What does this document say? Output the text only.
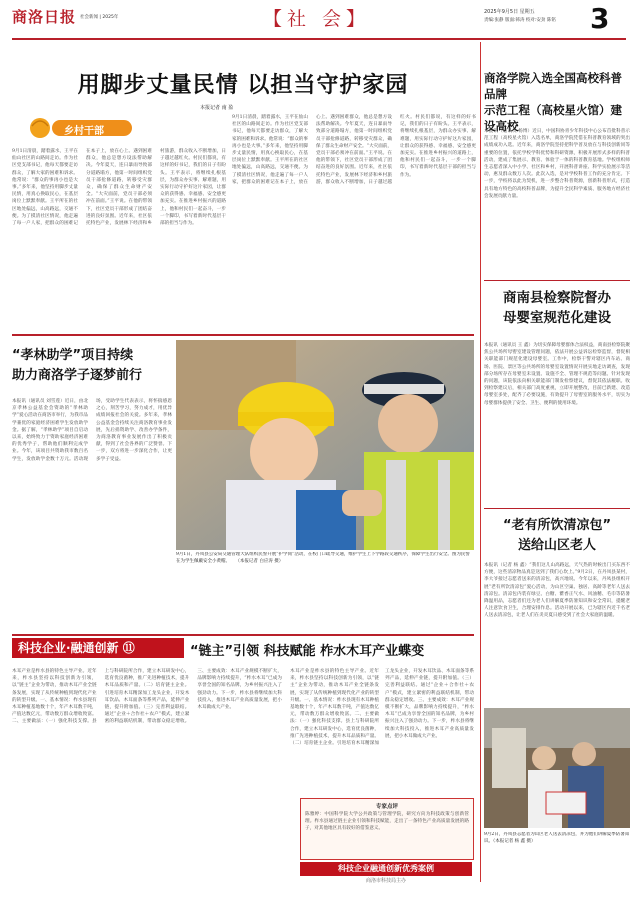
商洛日报 社会新闻 | 2025年	【社 会】	2025年9月5日 星期五
责编:张静 版面:韩涛 校对:安劲 陈铭 3
用脚步丈量民情 以担当守护家园
本报记者 南 盈
乡村干部
9月1日清晨，踏着露水，王平在仙山社区的山路间走访。作为社区党支部书记，他每天都要走访群众，了解大家的困难和诉求。他常说：“群众的事再小也是大事。”多年来，他坚持用脚步丈量民情，用真心换取民心，在基层岗位上默默奉献。王平所在的社区地处偏远，山高路远，交通不便。为了摸清社区情况，他走遍了每一户人家，把群众的困难记在本子上，放在心上。遇到困难群众，他总是想方设法帮助解决。今年夏天，连日暴雨导致部分道路塌方，他第一时间组织党员干部抢修道路，转移受灾群众，确保了群众生命财产安全。“大灾面前，党员干部必须冲在前面。”王平说。在他的带领下，社区党员干部形成了团结奋进的良好氛围。近年来，社区依托特色产业，发展林下经济和乡村旅游，群众收入不断增加，日子越过越红火。村民们都说，有这样的好书记，我们的日子有盼头。王平表示，将继续扎根基层，为群众办实事、解难题，用实际行动守护好这片家园，让群众的获得感、幸福感、安全感更加充实。在推进乡村振兴的道路上，他和村民们一起奋斗，一步一个脚印，书写着新时代基层干部的担当与作为。
9月1日清晨，踏着露水，王平在仙山社区的山路间走访。作为社区党支部书记，他每天都要走访群众，了解大家的困难和诉求。他常说：“群众的事再小也是大事。”多年来，他坚持用脚步丈量民情，用真心换取民心，在基层岗位上默默奉献。王平所在的社区地处偏远，山高路远，交通不便。为了摸清社区情况，他走遍了每一户人家，把群众的困难记在本子上，放在心上。遇到困难群众，他总是想方设法帮助解决。今年夏天，连日暴雨导致部分道路塌方，他第一时间组织党员干部抢修道路，转移受灾群众，确保了群众生命财产安全。“大灾面前，党员干部必须冲在前面。”王平说。在他的带领下，社区党员干部形成了团结奋进的良好氛围。近年来，社区依托特色产业，发展林下经济和乡村旅游，群众收入不断增加，日子越过越红火。村民们都说，有这样的好书记，我们的日子有盼头。王平表示，将继续扎根基层，为群众办实事、解难题，用实际行动守护好这片家园，让群众的获得感、幸福感、安全感更加充实。在推进乡村振兴的道路上，他和村民们一起奋斗，一步一个脚印，书写着新时代基层干部的担当与作为。
商洛学院入选全国高校科普品牌
示范工程（高校星火馆）建设高校
本报讯（通讯员 杨博）近日，中国科协青少年科技中心公布首批科普示范工程（高校星火馆）入选名单，商洛学院凭借在科普教育领域的突出成绩成功入选。近年来，商洛学院坚持把科学普及放在与科技创新同等重要的位置，依托学校学科优势和科研资源，积极开展形式多样的科普活动，建成了集展示、教育、体验于一体的科普教育基地。学校组织师生志愿者深入中小学、社区和乡村，开展科普讲座、科学实验展示等活动，惠及群众数万人次。此次入选，是对学校科普工作的充分肯定。下一步，学校将以此为契机，进一步整合科普资源，创新科普形式，打造具有地方特色的高校科普品牌，为提升全民科学素质、服务地方经济社会发展贡献力量。
商南县检察院督办
母婴室规范化建设
本报讯（通讯员 王 鑫）为切实保障母婴群体合法权益，商南县检察院聚焦公共场所母婴室建设管理问题，依法开展公益诉讼检察监督，督促相关职能部门规范化建设母婴室。工作中，检察干警对辖区内车站、商场、医院、景区等公共场所的母婴室设置情况开展实地走访调查，发现部分场所存在母婴室未设置、设施不全、管理不规范等问题。针对发现的问题，该院依法向相关职能部门制发检察建议，督促其依法履职。收到检察建议后，相关部门高度重视，立即开展整改，目前已新建、改造母婴室多处，配齐了必要设施，有效提升了母婴室的服务水平，切实为母婴群体提供了安全、卫生、便利的使用环境。
“老有所饮清凉包”
送给山区老人
本报讯（记者 杨 鑫）“我们这儿山高路远，天气热的时候出门买东西不方便，这些清凉物品真是送到了我们心坎上。”9月2日，在丹凤县某村，李大爷接过志愿者送来的清凉包，高兴地说。今年以来，丹凤县组织开展“老有所饮清凉包”爱心活动，为山区空巢、独居、高龄等老年人送去清凉包。清凉包内装有绿豆、白糖、藿香正气水、风油精、毛巾等防暑降温用品，志愿者们还为老人们讲解夏季防暑知识和安全常识，提醒老人注意饮食卫生，合理安排作息。活动开展以来，已为辖区内近千名老人送去清凉包，让老人们在炎炎夏日感受到了社会大家庭的温暖。
9月2日，丹凤县志愿者为山区老人送去清凉包，并为他们讲解夏季防暑知识。（本报记者 杨 鑫 摄）
“孝林助学”项目持续
助力商洛学子逐梦前行
本报讯（通讯员 刘雪莲）近日，由北京孝林公益基金会资助的“孝林助学”爱心活动在商洛市举行，为我市品学兼优的家庭经济困难学生发放助学金。据了解，“孝林助学”项目自启动以来，始终致力于资助家庭经济困难的优秀学子，帮助他们顺利完成学业。今年，该项目共资助我市数百名学生，发放助学金数十万元。活动现场，受助学生代表表示，将怀揣感恩之心，刻苦学习，努力成才，用优异成绩回报社会的关爱。多年来，孝林公益基金会持续关注商洛教育事业发展，先后捐资助学、改善办学条件，为商洛教育事业发展作出了积极贡献，得到了社会各界的广泛赞誉。下一步，双方将进一步深化合作，让更多学子受益。
9月1日，丹凤县公安局交通管理大队组织民警开展“护学岗”活动，在校门口疏导交通，维护学生上下学路段交通秩序，保障学生出行安全。图为民警在为学生佩戴安全小黄帽。 （本报记者 白应涛 摄）
科技企业·融通创新 ⑪	“链主”引领 科技赋能 柞水木耳产业蝶变
木耳产业是柞水县的特色主导产业。近年来，柞水县坚持以科技创新为引领，以“链主”企业为带动，推动木耳产业全链条发展，实现了从传统种植到现代化产业的转型升级。一、基本情况：柞水县现有木耳种植基地数十个，年产木耳数千吨，产值达数亿元，带动数万群众增收致富。二、主要做法：（一）强化科技支撑。县上与科研院所合作，建立木耳研发中心，选育优良菌种，推广先进种植技术，提升木耳品质和产量。（二）培育链主企业。引进培育木耳精深加工龙头企业，开发木耳饮品、木耳面条等系列产品，延伸产业链，提升附加值。（三）完善利益联结。通过“企业＋合作社＋农户”模式，建立紧密的利益联结机制，带动群众稳定增收。三、主要成效：木耳产业规模不断扩大，品牌影响力持续提升，“柞水木耳”已成为享誉全国的知名品牌，为乡村振兴注入了强劲动力。下一步，柞水县将继续加大科技投入，推进木耳产业高质量发展，把小木耳做成大产业。
木耳产业是柞水县的特色主导产业。近年来，柞水县坚持以科技创新为引领，以“链主”企业为带动，推动木耳产业全链条发展，实现了从传统种植到现代化产业的转型升级。一、基本情况：柞水县现有木耳种植基地数十个，年产木耳数千吨，产值达数亿元，带动数万群众增收致富。二、主要做法：（一）强化科技支撑。县上与科研院所合作，建立木耳研发中心，选育优良菌种，推广先进种植技术，提升木耳品质和产量。（二）培育链主企业。引进培育木耳精深加工龙头企业，开发木耳饮品、木耳面条等系列产品，延伸产业链，提升附加值。（三）完善利益联结。通过“企业＋合作社＋农户”模式，建立紧密的利益联结机制，带动群众稳定增收。三、主要成效：木耳产业规模不断扩大，品牌影响力持续提升，“柞水木耳”已成为享誉全国的知名品牌，为乡村振兴注入了强劲动力。下一步，柞水县将继续加大科技投入，推进木耳产业高质量发展，把小木耳做成大产业。
专家点评
陈雅婷：中国科学院大学公共政策与管理学院，研究方向为科技政策与创新管理。柞水县通过链主企业引领和科技赋能，走出了一条特色产业高质量发展的路子，对其他地区具有较好的借鉴意义。
科技企业融通创新优秀案例
商洛市科技局主办
